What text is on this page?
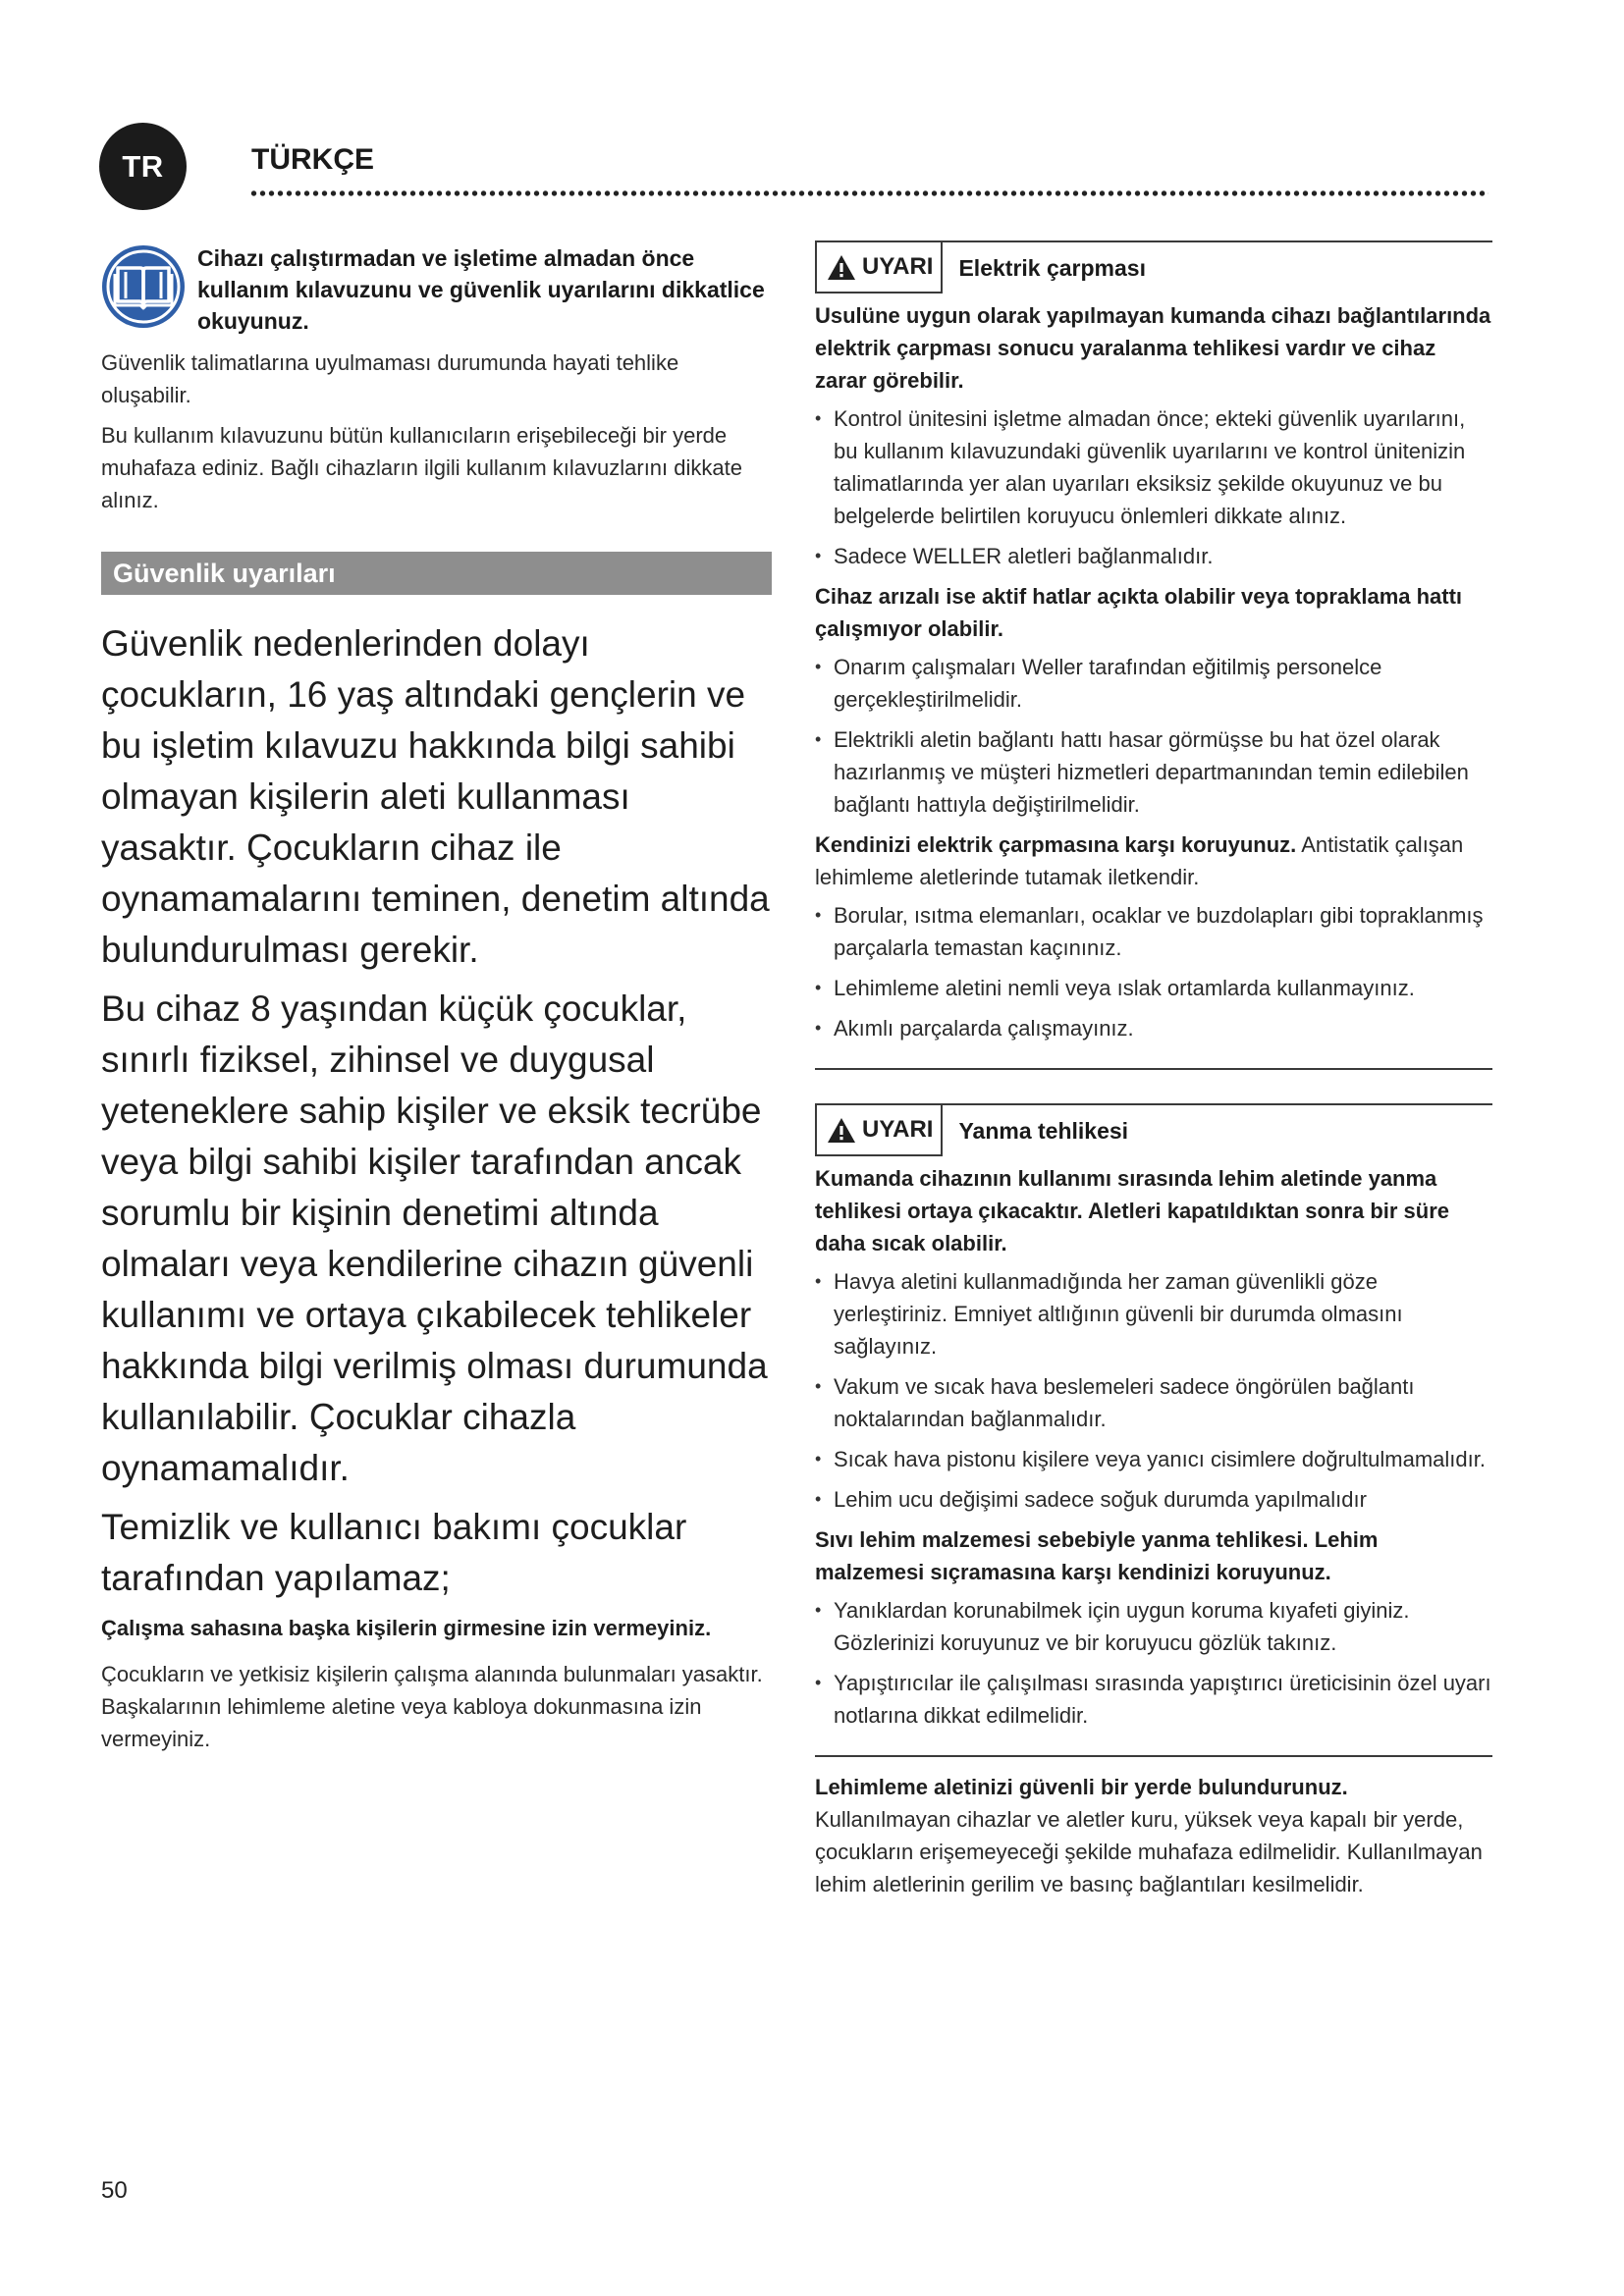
TR	TÜRKÇE

Cihazı çalıştırmadan ve işletime almadan önce kullanım kılavuzunu ve güvenlik uyarılarını dikkatlice okuyunuz.

Güvenlik talimatlarına uyulmaması durumunda hayati tehlike oluşabilir.

Bu kullanım kılavuzunu bütün kullanıcıların erişebileceği bir yerde muhafaza ediniz. Bağlı cihazların ilgili kullanım kılavuzlarını dikkate alınız.

Güvenlik uyarıları

Güvenlik nedenlerinden dolayı çocukların, 16 yaş altındaki gençlerin ve bu işletim kılavuzu hakkında bilgi sahibi olmayan kişilerin aleti kullanması yasaktır. Çocukların cihaz ile oynamamalarını teminen, denetim altında bulundurulması gerekir.

Bu cihaz 8 yaşından küçük çocuklar, sınırlı fiziksel, zihinsel ve duygusal yeteneklere sahip kişiler ve eksik tecrübe veya bilgi sahibi kişiler tarafından ancak sorumlu bir kişinin denetimi altında olmaları veya kendilerine cihazın güvenli kullanımı ve ortaya çıkabilecek tehlikeler hakkında bilgi verilmiş olması durumunda kullanılabilir. Çocuklar cihazla oynamamalıdır.

Temizlik ve kullanıcı bakımı çocuklar tarafından yapılamaz;

Çalışma sahasına başka kişilerin girmesine izin vermeyiniz.

Çocukların ve yetkisiz kişilerin çalışma alanında bulunmaları yasaktır. Başkalarının lehimleme aletine veya kabloya dokunmasına izin vermeyiniz.

UYARI	Elektrik çarpması

Usulüne uygun olarak yapılmayan kumanda cihazı bağlantılarında elektrik çarpması sonucu yaralanma tehlikesi vardır ve cihaz zarar görebilir.

• Kontrol ünitesini işletme almadan önce; ekteki güvenlik uyarılarını, bu kullanım kılavuzundaki güvenlik uyarılarını ve kontrol ünitenizin talimatlarında yer alan uyarıları eksiksiz şekilde okuyunuz ve bu belgelerde belirtilen koruyucu önlemleri dikkate alınız.
• Sadece WELLER aletleri bağlanmalıdır.

Cihaz arızalı ise aktif hatlar açıkta olabilir veya topraklama hattı çalışmıyor olabilir.

• Onarım çalışmaları Weller tarafından eğitilmiş personelce gerçekleştirilmelidir.
• Elektrikli aletin bağlantı hattı hasar görmüşse bu hat özel olarak hazırlanmış ve müşteri hizmetleri departmanından temin edilebilen bağlantı hattıyla değiştirilmelidir.

Kendinizi elektrik çarpmasına karşı koruyunuz. Antistatik çalışan lehimleme aletlerinde tutamak iletkendir.

• Borular, ısıtma elemanları, ocaklar ve buzdolapları gibi topraklanmış parçalarla temastan kaçınınız.
• Lehimleme aletini nemli veya ıslak ortamlarda kullanmayınız.
• Akımlı parçalarda çalışmayınız.
UYARI	Yanma tehlikesi

Kumanda cihazının kullanımı sırasında lehim aletinde yanma tehlikesi ortaya çıkacaktır. Aletleri kapatıldıktan sonra bir süre daha sıcak olabilir.

• Havya aletini kullanmadığında her zaman güvenlikli göze yerleştiriniz. Emniyet altlığının güvenli bir durumda olmasını sağlayınız.
• Vakum ve sıcak hava beslemeleri sadece öngörülen bağlantı noktalarından bağlanmalıdır.
• Sıcak hava pistonu kişilere veya yanıcı cisimlere doğrultulmamalıdır.
• Lehim ucu değişimi sadece soğuk durumda yapılmalıdır

Sıvı lehim malzemesi sebebiyle yanma tehlikesi. Lehim malzemesi sıçramasına karşı kendinizi koruyunuz.

• Yanıklardan korunabilmek için uygun koruma kıyafeti giyiniz. Gözlerinizi koruyunuz ve bir koruyucu gözlük takınız.
• Yapıştırıcılar ile çalışılması sırasında yapıştırıcı üreticisinin özel uyarı notlarına dikkat edilmelidir.

Lehimleme aletinizi güvenli bir yerde bulundurunuz.

Kullanılmayan cihazlar ve aletler kuru, yüksek veya kapalı bir yerde, çocukların erişemeyeceği şekilde muhafaza edilmelidir. Kullanılmayan lehim aletlerinin gerilim ve basınç bağlantıları kesilmelidir.

50
